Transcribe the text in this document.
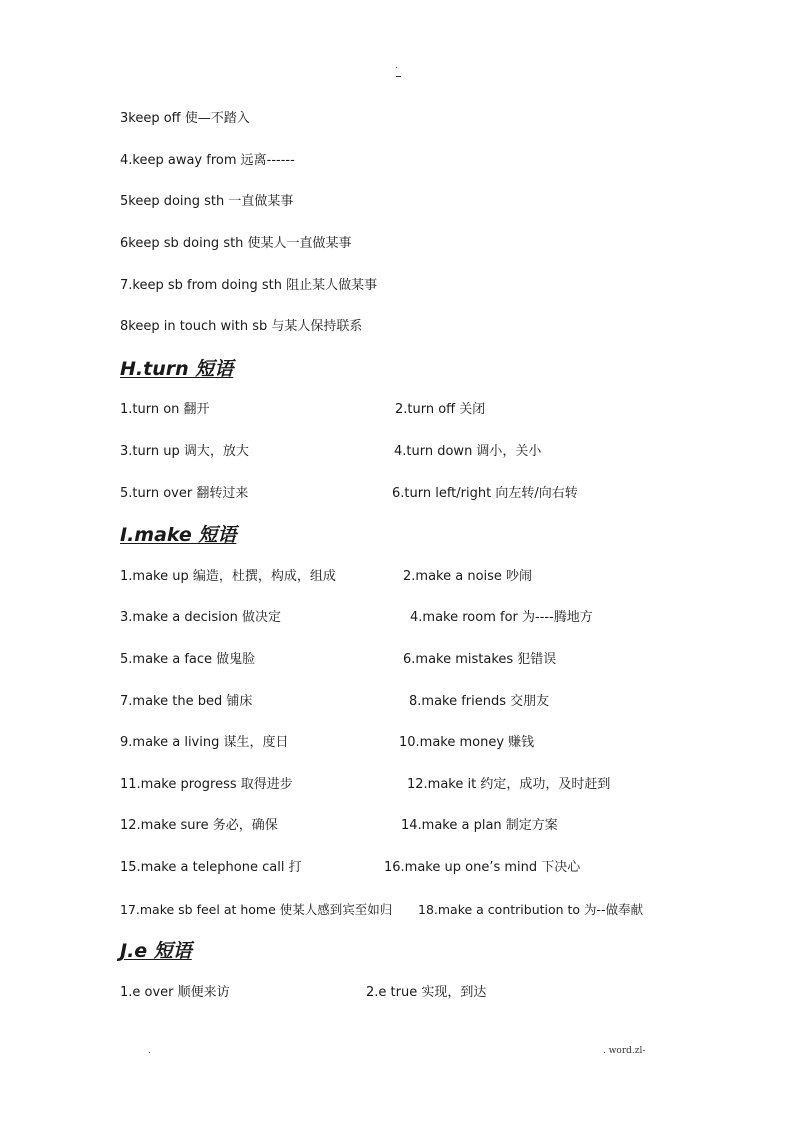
.
3keep off 使—不踏入
4.keep away from 远离------
5keep doing sth 一直做某事
6keep sb doing sth 使某人一直做某事
7.keep sb from doing sth 阻止某人做某事
8keep in touch with sb 与某人保持联系
H.turn 短语
1.turn on 翻开	2.turn off 关闭
3.turn up 调大，放大	4.turn down 调小，关小
5.turn over 翻转过来	6.turn left/right 向左转/向右转
I.make 短语
1.make up 编造，杜撰，构成，组成	2.make a noise 吵闹
3.make a decision 做决定	4.make room for 为----腾地方
5.make a face 做鬼脸	6.make mistakes 犯错误
7.make the bed 铺床	8.make friends 交朋友
9.make a living 谋生，度日	10.make money 赚钱
11.make progress 取得进步	12.make it 约定，成功，及时赶到
12.make sure 务必，确保	14.make a plan 制定方案
15.make a telephone call 打	16.make up one’s mind 下决心
17.make sb feel at home 使某人感到宾至如归 18.make a contribution to 为--做奉献
J.e 短语
1.e over 顺便来访	2.e true 实现，到达
.	. word.zl-
